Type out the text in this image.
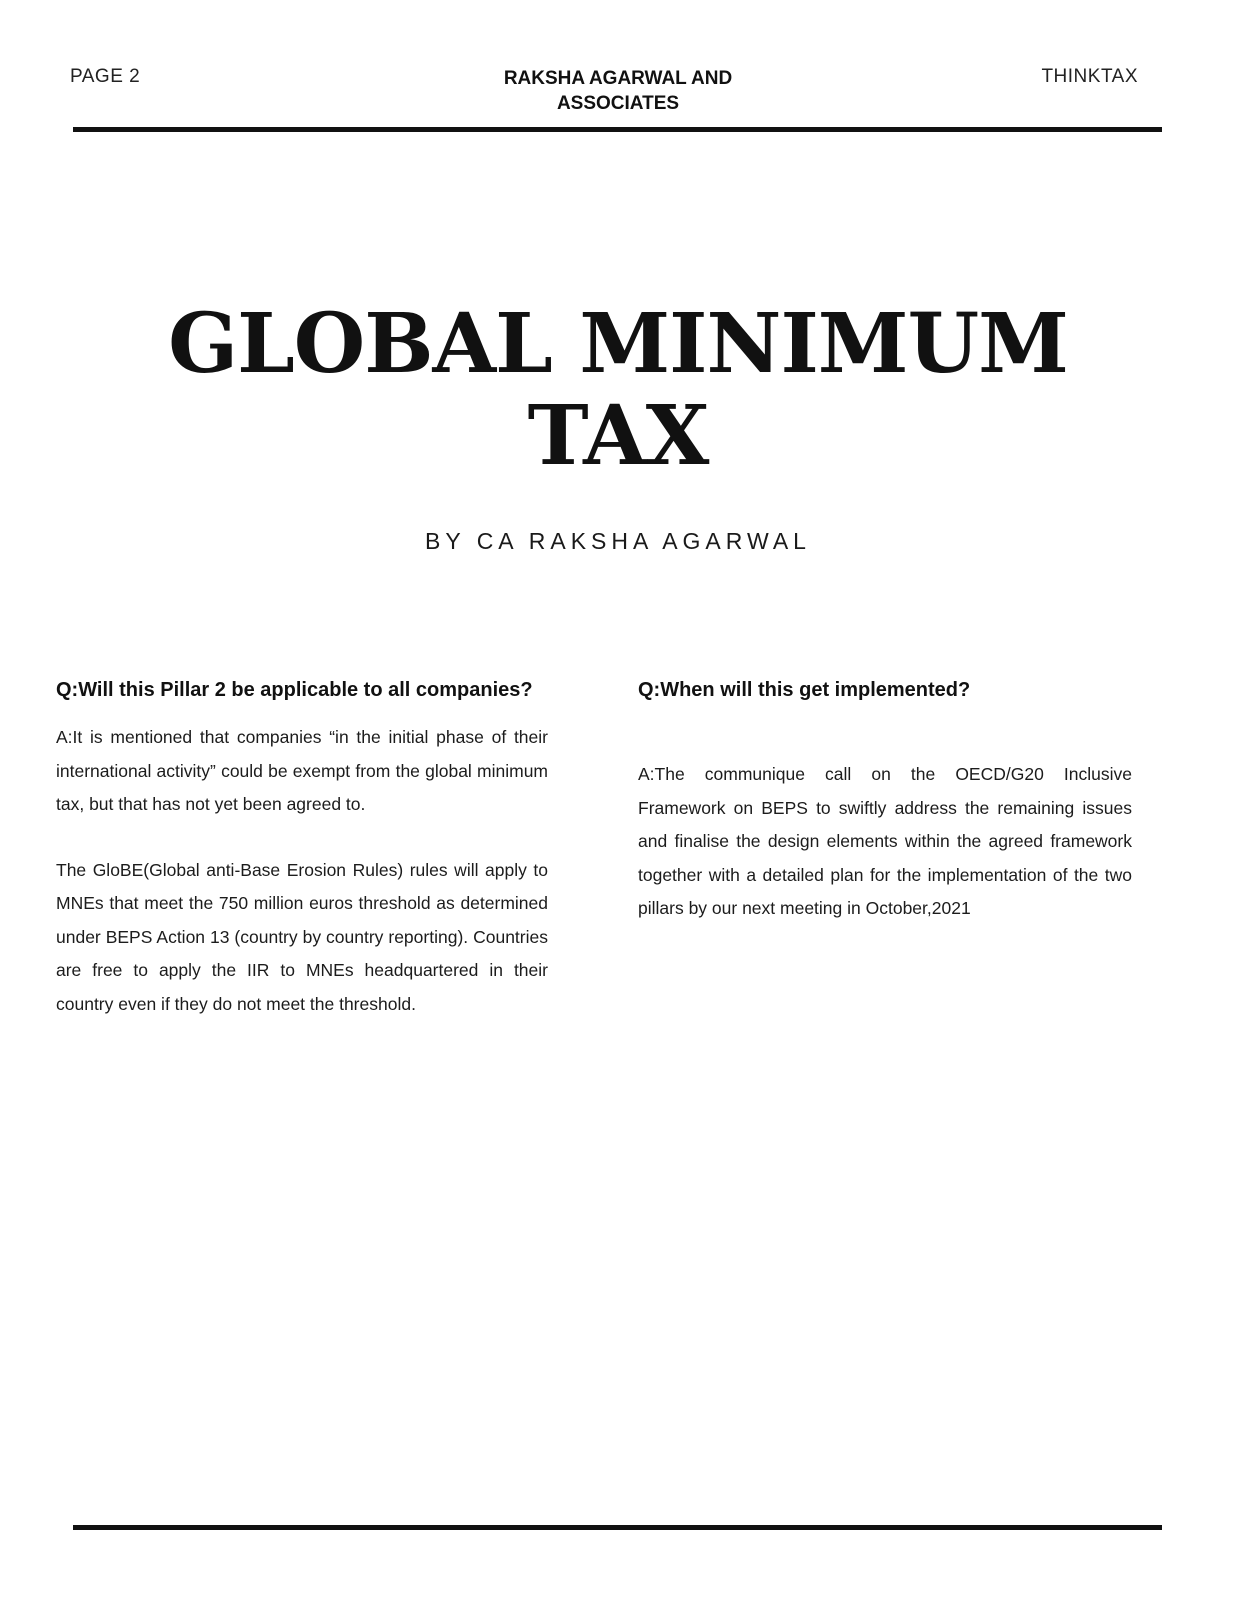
PAGE 2	RAKSHA AGARWAL AND
ASSOCIATES
THINKTAX
GLOBAL MINIMUM
TAX
BY CA RAKSHA AGARWAL

Q:Will this Pillar 2 be applicable to all companies?

A:It is mentioned that companies “in the initial phase of their international activity” could be exempt from the global minimum tax, but that has not yet been agreed to.

The GloBE(Global anti-Base Erosion Rules) rules will apply to MNEs that meet the 750 million euros threshold as determined under BEPS Action 13 (country by country reporting). Countries are free to apply the IIR to MNEs headquartered in their country even if they do not meet the threshold.

Q:When will this get implemented?

A:The communique call on the OECD/G20 Inclusive Framework on BEPS to swiftly address the remaining issues and finalise the design elements within the agreed framework together with a detailed plan for the implementation of the two pillars by our next meeting in October,2021
